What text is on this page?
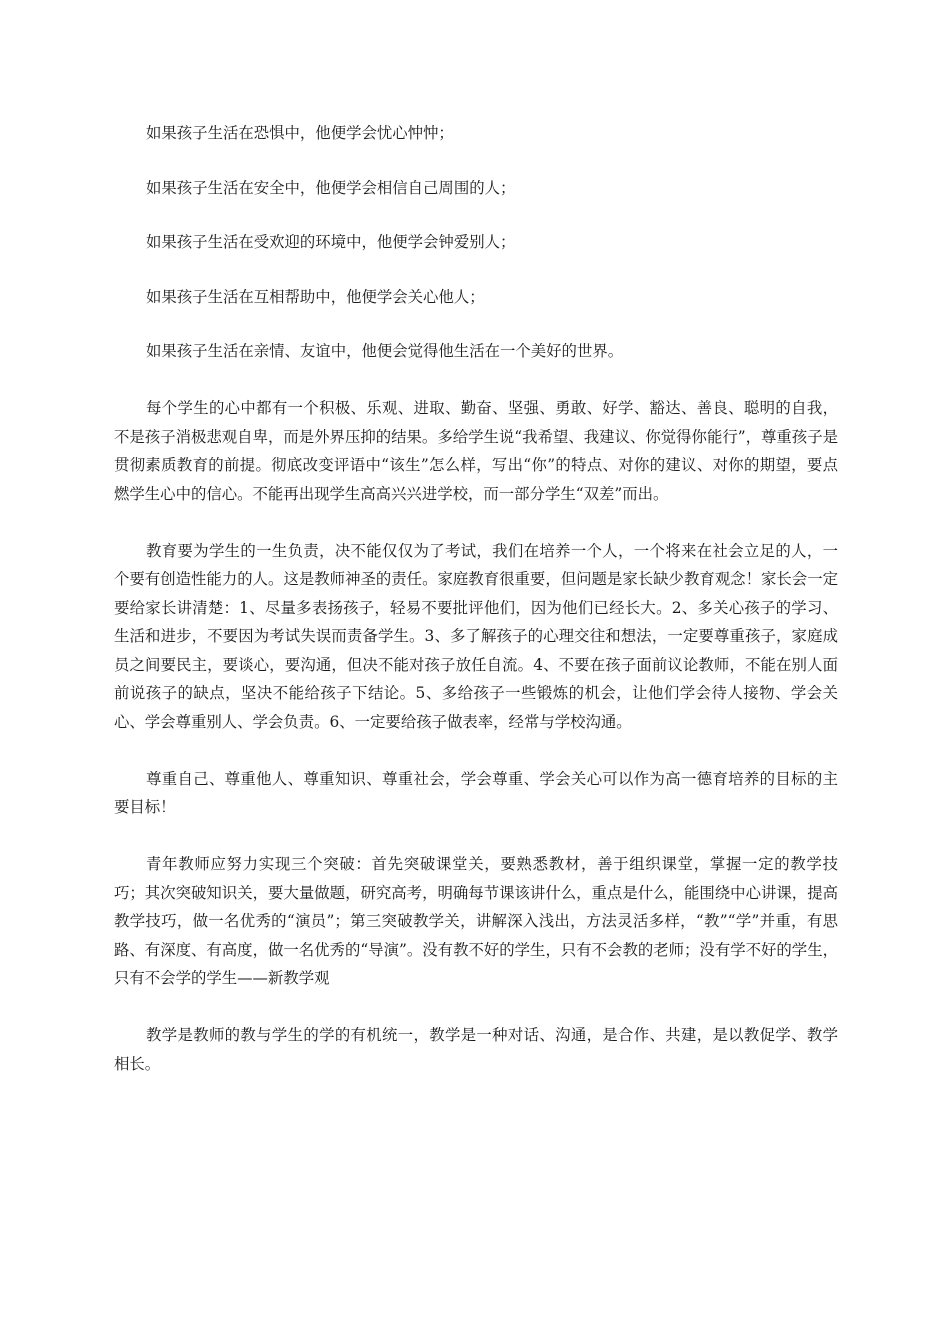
如果孩子生活在恐惧中，他便学会忧心忡忡；

如果孩子生活在安全中，他便学会相信自己周围的人；

如果孩子生活在受欢迎的环境中，他便学会钟爱别人；

如果孩子生活在互相帮助中，他便学会关心他人；

如果孩子生活在亲情、友谊中，他便会觉得他生活在一个美好的世界。

每个学生的心中都有一个积极、乐观、进取、勤奋、坚强、勇敢、好学、豁达、善良、聪明的自我，不是孩子消极悲观自卑，而是外界压抑的结果。多给学生说“我希望、我建议、你觉得你能行”，尊重孩子是贯彻素质教育的前提。彻底改变评语中“该生”怎么样，写出“你”的特点、对你的建议、对你的期望，要点燃学生心中的信心。不能再出现学生高高兴兴进学校，而一部分学生“双差”而出。

教育要为学生的一生负责，决不能仅仅为了考试，我们在培养一个人，一个将来在社会立足的人，一个要有创造性能力的人。这是教师神圣的责任。家庭教育很重要，但问题是家长缺少教育观念！家长会一定要给家长讲清楚：1、尽量多表扬孩子，轻易不要批评他们，因为他们已经长大。2、多关心孩子的学习、生活和进步，不要因为考试失误而责备学生。3、多了解孩子的心理交往和想法，一定要尊重孩子，家庭成员之间要民主，要谈心，要沟通，但决不能对孩子放任自流。4、不要在孩子面前议论教师，不能在别人面前说孩子的缺点，坚决不能给孩子下结论。5、多给孩子一些锻炼的机会，让他们学会待人接物、学会关心、学会尊重别人、学会负责。6、一定要给孩子做表率，经常与学校沟通。

尊重自己、尊重他人、尊重知识、尊重社会，学会尊重、学会关心可以作为高一德育培养的目标的主要目标！

青年教师应努力实现三个突破：首先突破课堂关，要熟悉教材，善于组织课堂，掌握一定的教学技巧；其次突破知识关，要大量做题，研究高考，明确每节课该讲什么，重点是什么，能围绕中心讲课，提高教学技巧，做一名优秀的“演员”；第三突破教学关，讲解深入浅出，方法灵活多样，“教”“学”并重，有思路、有深度、有高度，做一名优秀的“导演”。没有教不好的学生，只有不会教的老师；没有学不好的学生，只有不会学的学生——新教学观

教学是教师的教与学生的学的有机统一，教学是一种对话、沟通，是合作、共建，是以教促学、教学相长。
